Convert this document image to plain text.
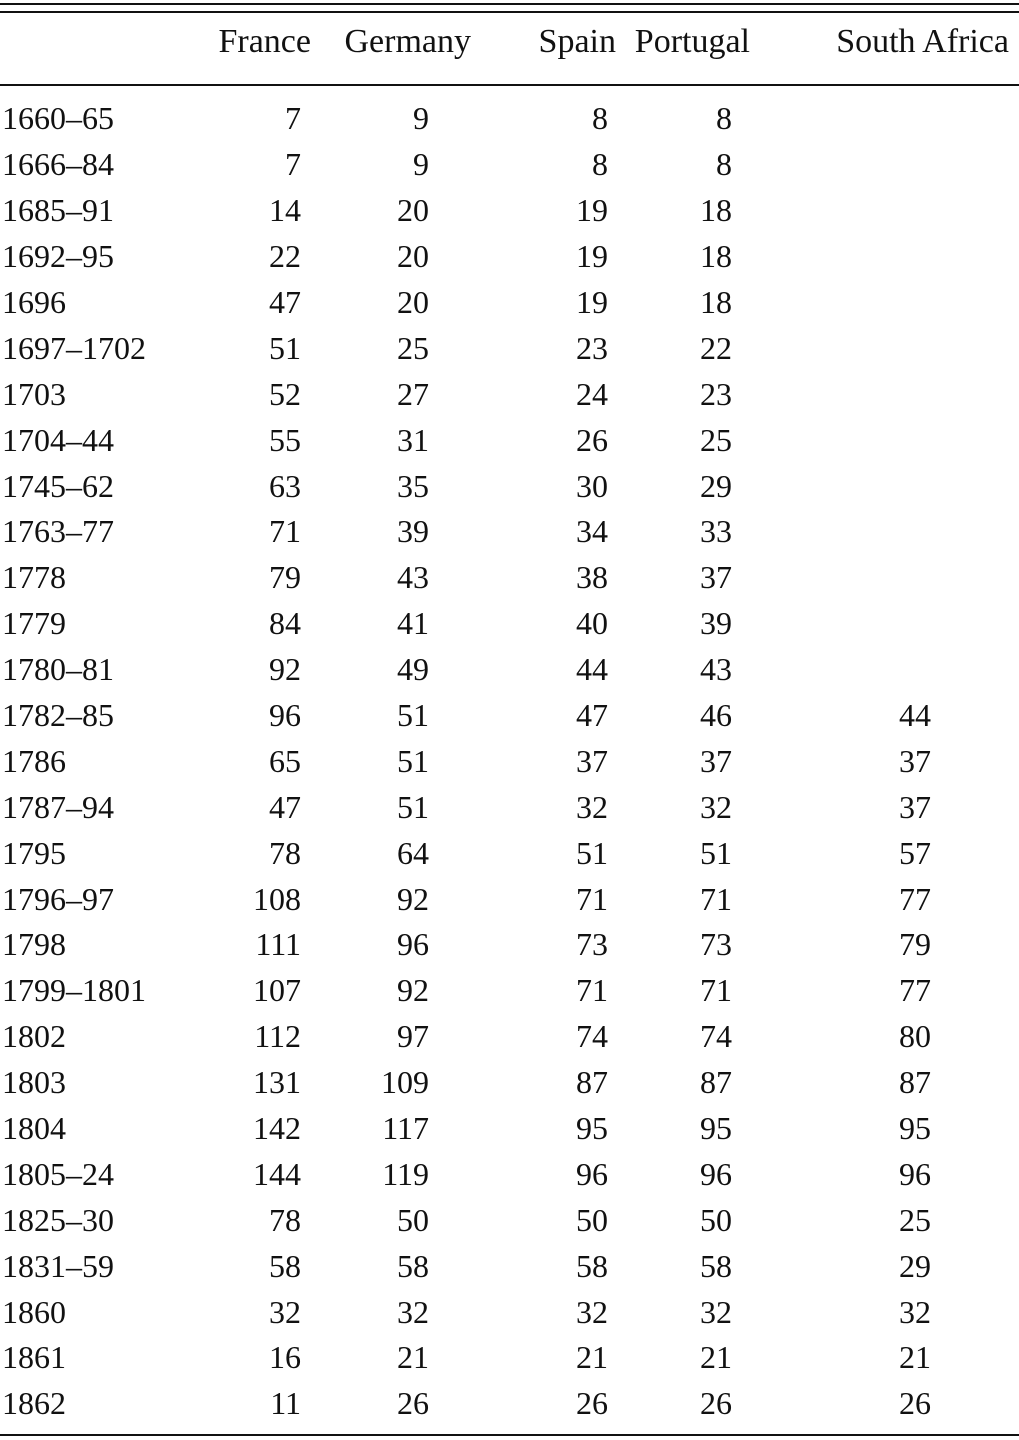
	France	Germany	Spain	Portugal	South Africa

1660–65	7	9	8	8	
1666–84	7	9	8	8	
1685–91	14	20	19	18	
1692–95	22	20	19	18	
1696	47	20	19	18	
1697–1702	51	25	23	22	
1703	52	27	24	23	
1704–44	55	31	26	25	
1745–62	63	35	30	29	
1763–77	71	39	34	33	
1778	79	43	38	37	
1779	84	41	40	39	
1780–81	92	49	44	43	
1782–85	96	51	47	46	44
1786	65	51	37	37	37
1787–94	47	51	32	32	37
1795	78	64	51	51	57
1796–97	108	92	71	71	77
1798	111	96	73	73	79
1799–1801	107	92	71	71	77
1802	112	97	74	74	80
1803	131	109	87	87	87
1804	142	117	95	95	95
1805–24	144	119	96	96	96
1825–30	78	50	50	50	25
1831–59	58	58	58	58	29
1860	32	32	32	32	32
1861	16	21	21	21	21
1862	11	26	26	26	26
